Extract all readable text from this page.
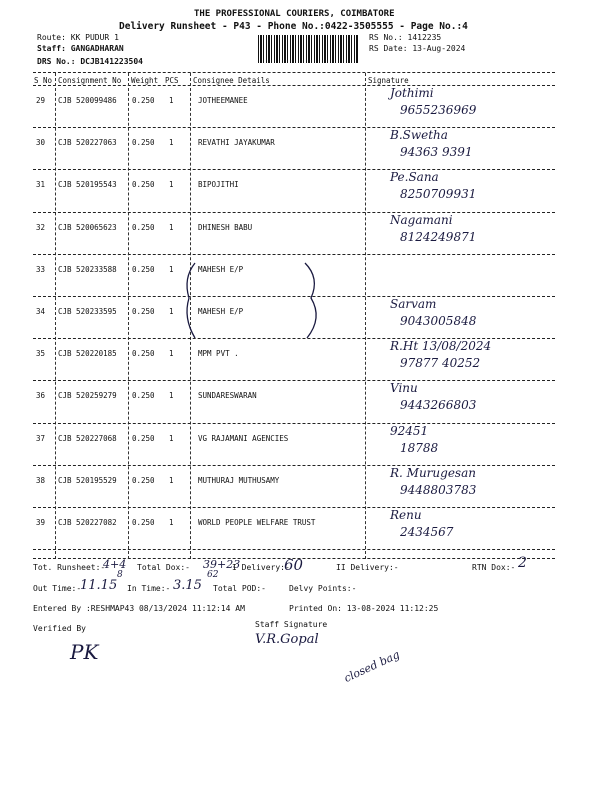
THE PROFESSIONAL COURIERS, COIMBATORE
Delivery Runsheet - P43 - Phone No.:0422-3505555 - Page No.:4
Route: KK PUDUR 1
Staff: GANGADHARAN
DRS No.: DCJB141223504
RS No.: 1412235
RS Date: 13-Aug-2024
S No Consignment No Weight PCS Consignee Details	Signature
29 CJB 520099486 0.250 1	JOTHEEMANEE
Jothimi
9655236969
30 CJB 520227063 0.250 1	REVATHI JAYAKUMAR
B.Swetha
94363 9391
31 CJB 520195543 0.250 1	BIPOJITHI
Pe.Sana
8250709931
32 CJB 520065623 0.250 1	DHINESH BABU
Nagamani
8124249871
33 CJB 520233588 0.250 1	MAHESH E/P
34 CJB 520233595 0.250 1	MAHESH E/P
Sarvam
9043005848
35 CJB 520220185 0.250 1	MPM PVT .
R.Ht 13/08/2024
97877 40252
36 CJB 520259279 0.250 1	SUNDARESWARAN
Vinu
9443266803
37 CJB 520227068 0.250 1	VG RAJAMANI AGENCIES
92451
18788
38 CJB 520195529 0.250 1	MUTHURAJ MUTHUSAMY
R. Murugesan
9448803783
39 CJB 520227082 0.250 1	WORLD PEOPLE WELFARE TRUST
Renu
2434567
Tot. Runsheet:-
4+4
8
Total Dox:- 39+23
62
I Delivery:-
60	II Delivery:-	RTN Dox:- 2
Out Time:-
11.15 In Time:- 3.15 Total POD:-	Delvy Points:-
Entered By :RESHMAP43 08/13/2024 11:12:14 AM	Printed On: 13-08-2024 11:12:25
Verified By
PK
Staff Signature
V.R.Gopal
closed bag
